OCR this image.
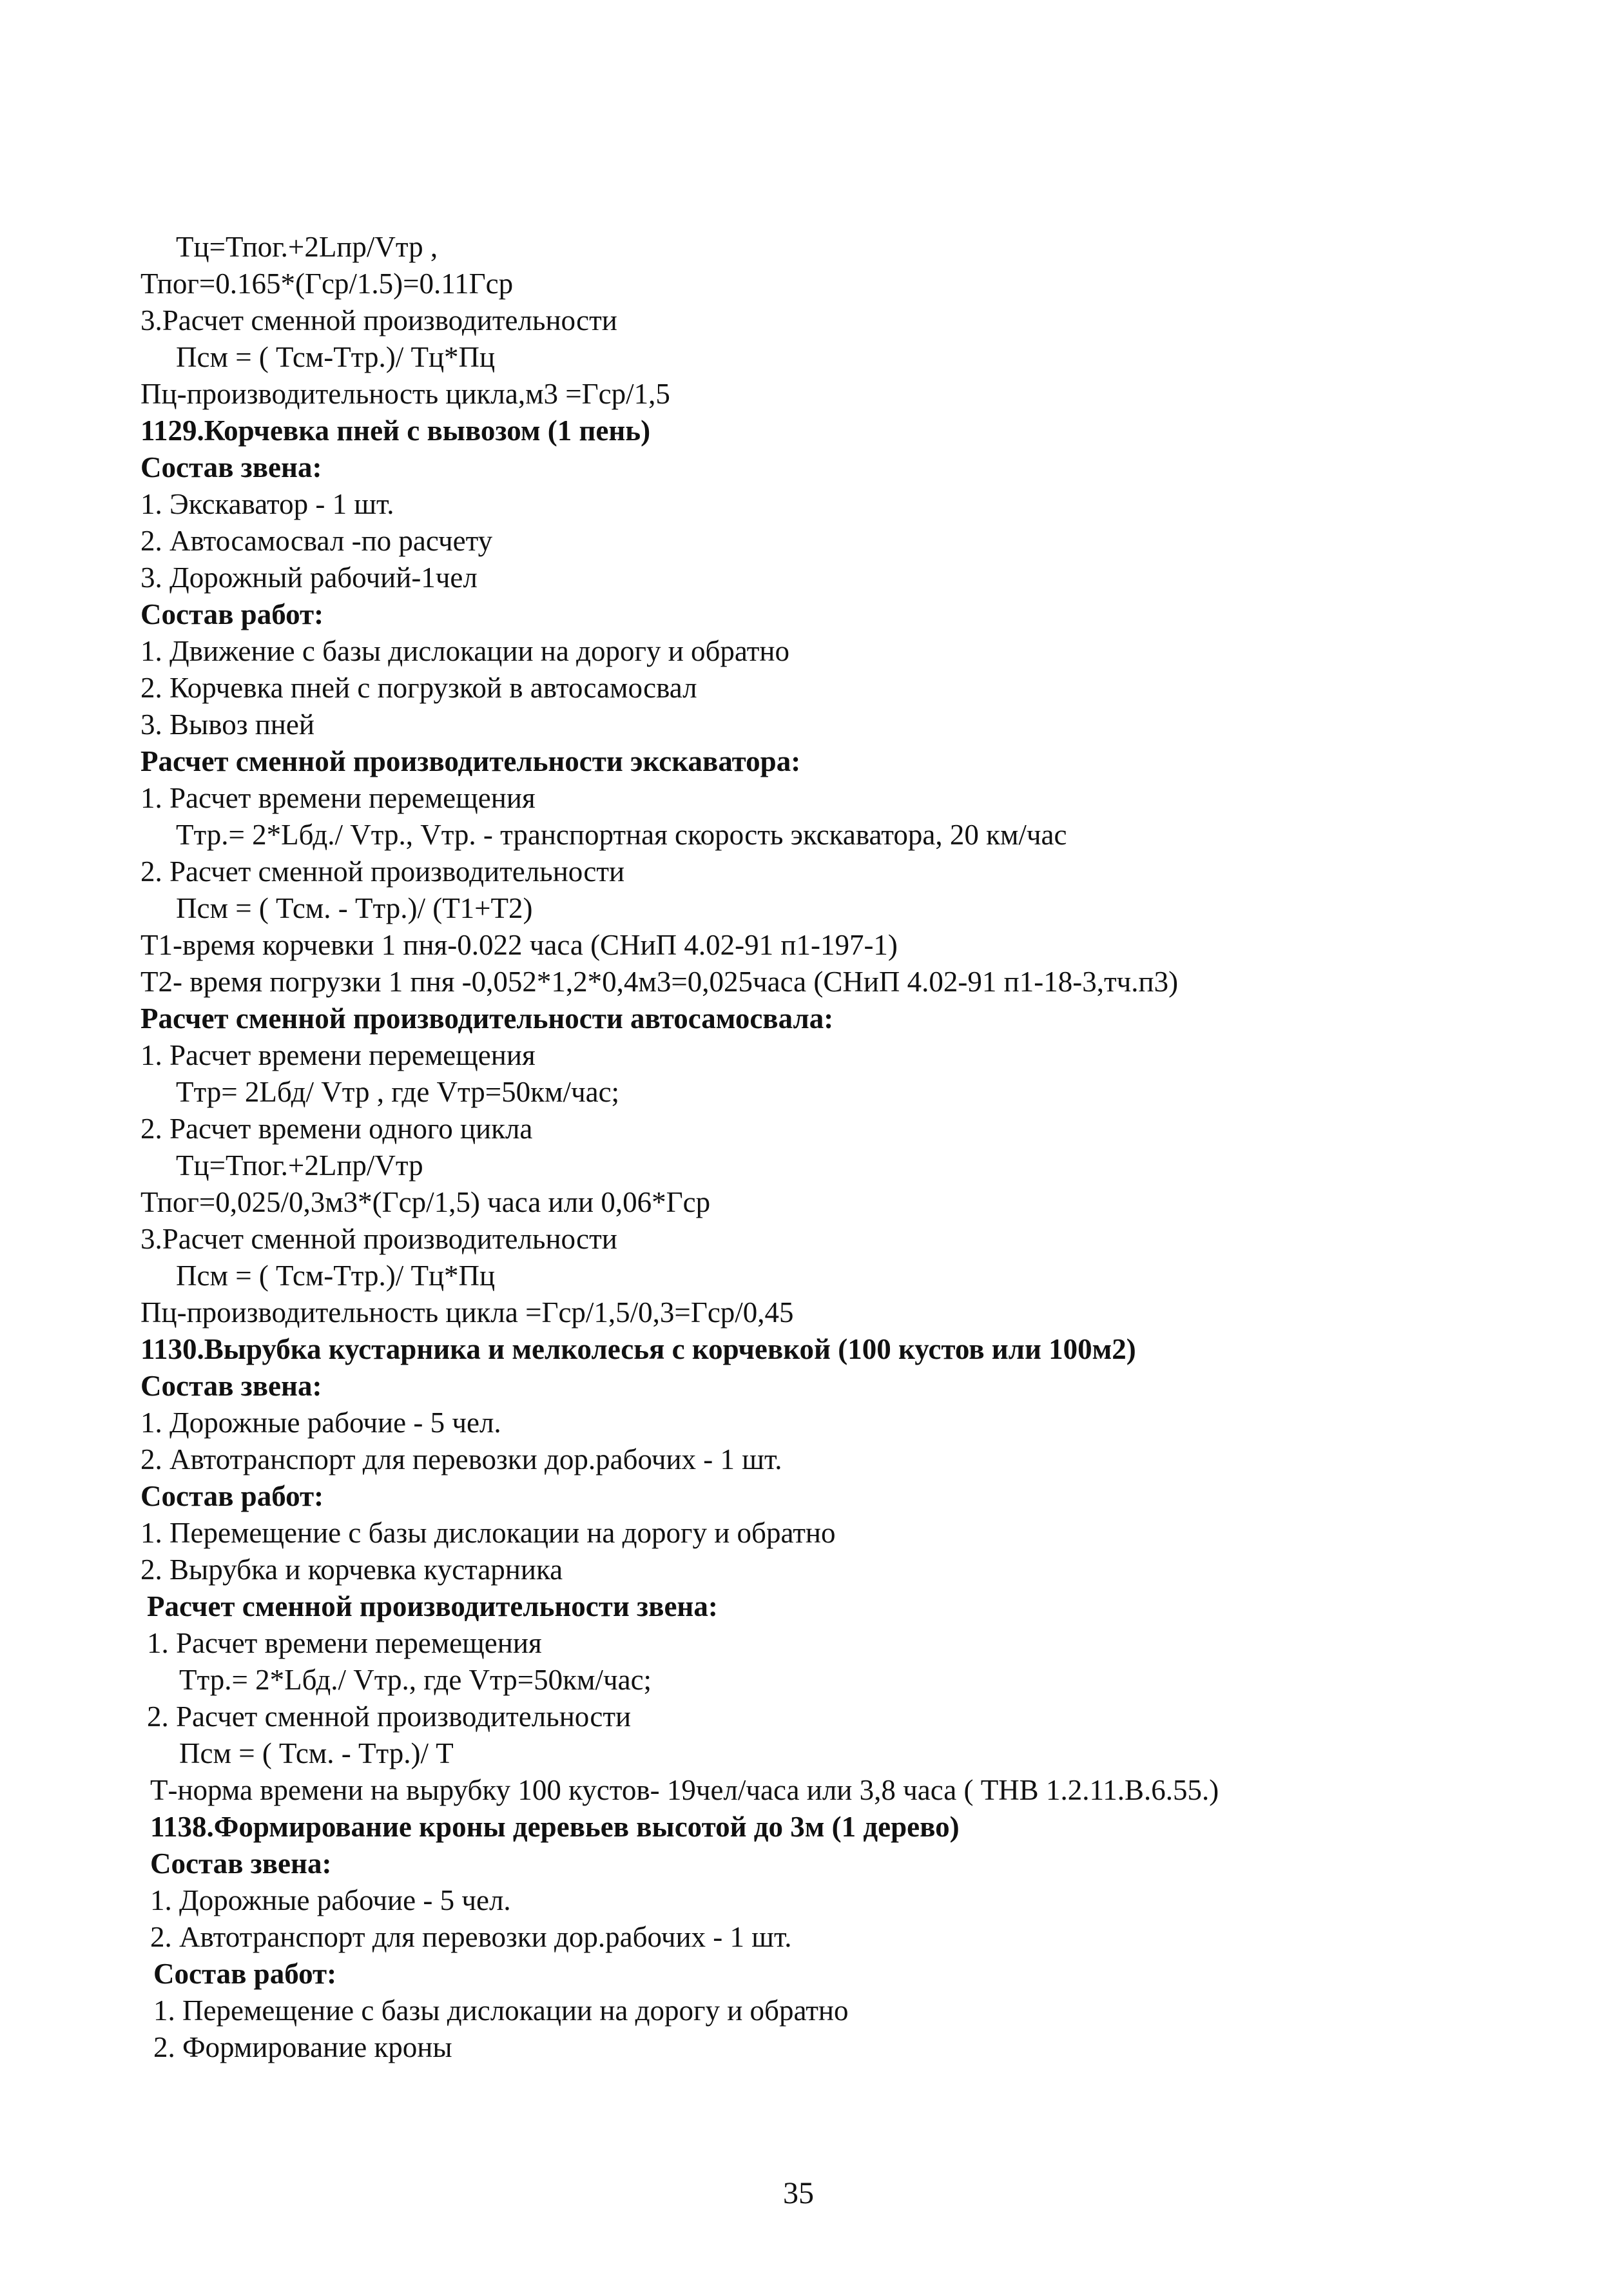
Тц=Тпог.+2Lпр/Vтр ,
Тпог=0.165*(Гср/1.5)=0.11Гср
3.Расчет сменной производительности
Псм = ( Тсм-Ттр.)/ Тц*Пц
Пц-производительность цикла,м3 =Гср/1,5
1129.Корчевка пней с вывозом (1 пень)
Состав звена:
1. Экскаватор - 1 шт.
2. Автосамосвал -по расчету
3. Дорожный рабочий-1чел
Состав работ:
1. Движение с базы дислокации на дорогу и обратно
2. Корчевка пней с погрузкой в автосамосвал
3. Вывоз пней
Расчет сменной производительности экскаватора:
1. Расчет времени перемещения
Ттр.= 2*Lбд./ Vтр., Vтр. - транспортная скорость экскаватора, 20 км/час
2. Расчет сменной производительности
Псм = ( Тсм. - Ттр.)/ (Т1+Т2)
Т1-время корчевки 1 пня-0.022 часа (СНиП 4.02-91 п1-197-1)
Т2- время погрузки 1 пня -0,052*1,2*0,4м3=0,025часа (СНиП 4.02-91 п1-18-3,тч.п3)
Расчет сменной производительности автосамосвала:
1. Расчет времени перемещения
Ттр= 2Lбд/ Vтр , где Vтр=50км/час;
2. Расчет времени одного цикла
Тц=Тпог.+2Lпр/Vтр
Тпог=0,025/0,3м3*(Гср/1,5) часа или 0,06*Гср
3.Расчет сменной производительности
Псм = ( Тсм-Ттр.)/ Тц*Пц
Пц-производительность цикла =Гср/1,5/0,3=Гср/0,45
1130.Вырубка кустарника и мелколесья с корчевкой (100 кустов или 100м2)
Состав звена:
1. Дорожные рабочие - 5 чел.
2. Автотранспорт для перевозки дор.рабочих - 1 шт.
Состав работ:
1. Перемещение с базы дислокации на дорогу и обратно
2. Вырубка и корчевка кустарника
Расчет сменной производительности звена:
1. Расчет времени перемещения
Ттр.= 2*Lбд./ Vтр., где Vтр=50км/час;
2. Расчет сменной производительности
Псм = ( Тсм. - Ттр.)/ Т
Т-норма времени на вырубку 100 кустов- 19чел/часа или 3,8 часа ( ТНВ 1.2.11.В.6.55.)
1138.Формирование кроны деревьев высотой до 3м (1 дерево)
Состав звена:
1. Дорожные рабочие - 5 чел.
2. Автотранспорт для перевозки дор.рабочих - 1 шт.
Состав работ:
1. Перемещение с базы дислокации на дорогу и обратно
2. Формирование кроны
35
